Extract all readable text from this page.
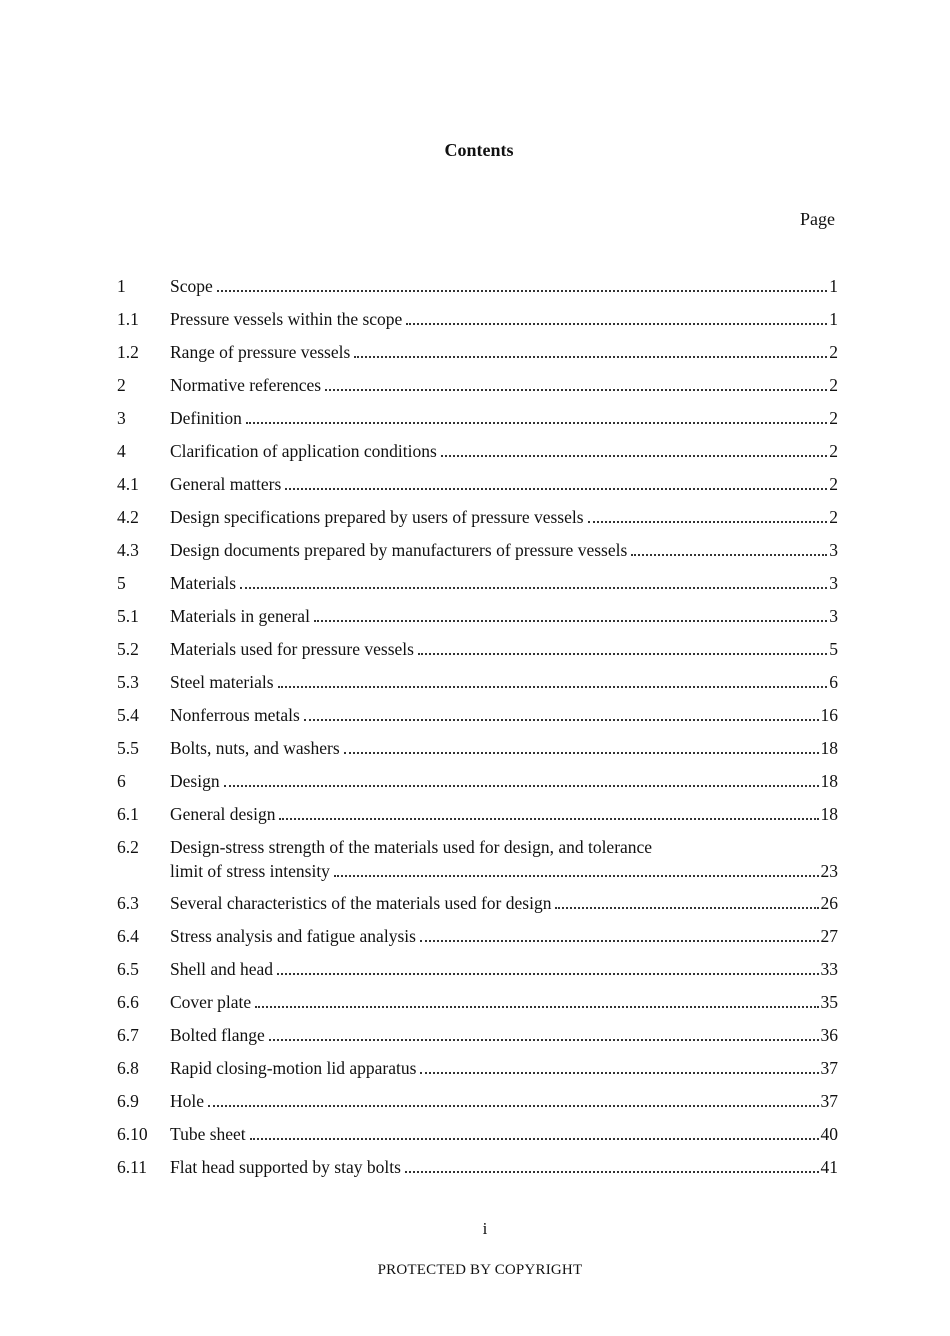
Contents
Page
1	Scope	1
1.1	Pressure vessels within the scope	1
1.2	Range of pressure vessels	2
2	Normative references	2
3	Definition	2
4	Clarification of application conditions	2
4.1	General matters	2
4.2	Design specifications prepared by users of pressure vessels	2
4.3	Design documents prepared by manufacturers of pressure vessels	3
5	Materials	3
5.1	Materials in general	3
5.2	Materials used for pressure vessels	5
5.3	Steel materials	6
5.4	Nonferrous metals	16
5.5	Bolts, nuts, and washers	18
6	Design	18
6.1	General design	18
6.2	Design-stress strength of the materials used for design, and tolerance
limit of stress intensity	23
6.3	Several characteristics of the materials used for design	26
6.4	Stress analysis and fatigue analysis	27
6.5	Shell and head	33
6.6	Cover plate	35
6.7	Bolted flange	36
6.8	Rapid closing-motion lid apparatus	37
6.9	Hole	37
6.10	Tube sheet	40
6.11	Flat head supported by stay bolts	41
i
PROTECTED BY COPYRIGHT
